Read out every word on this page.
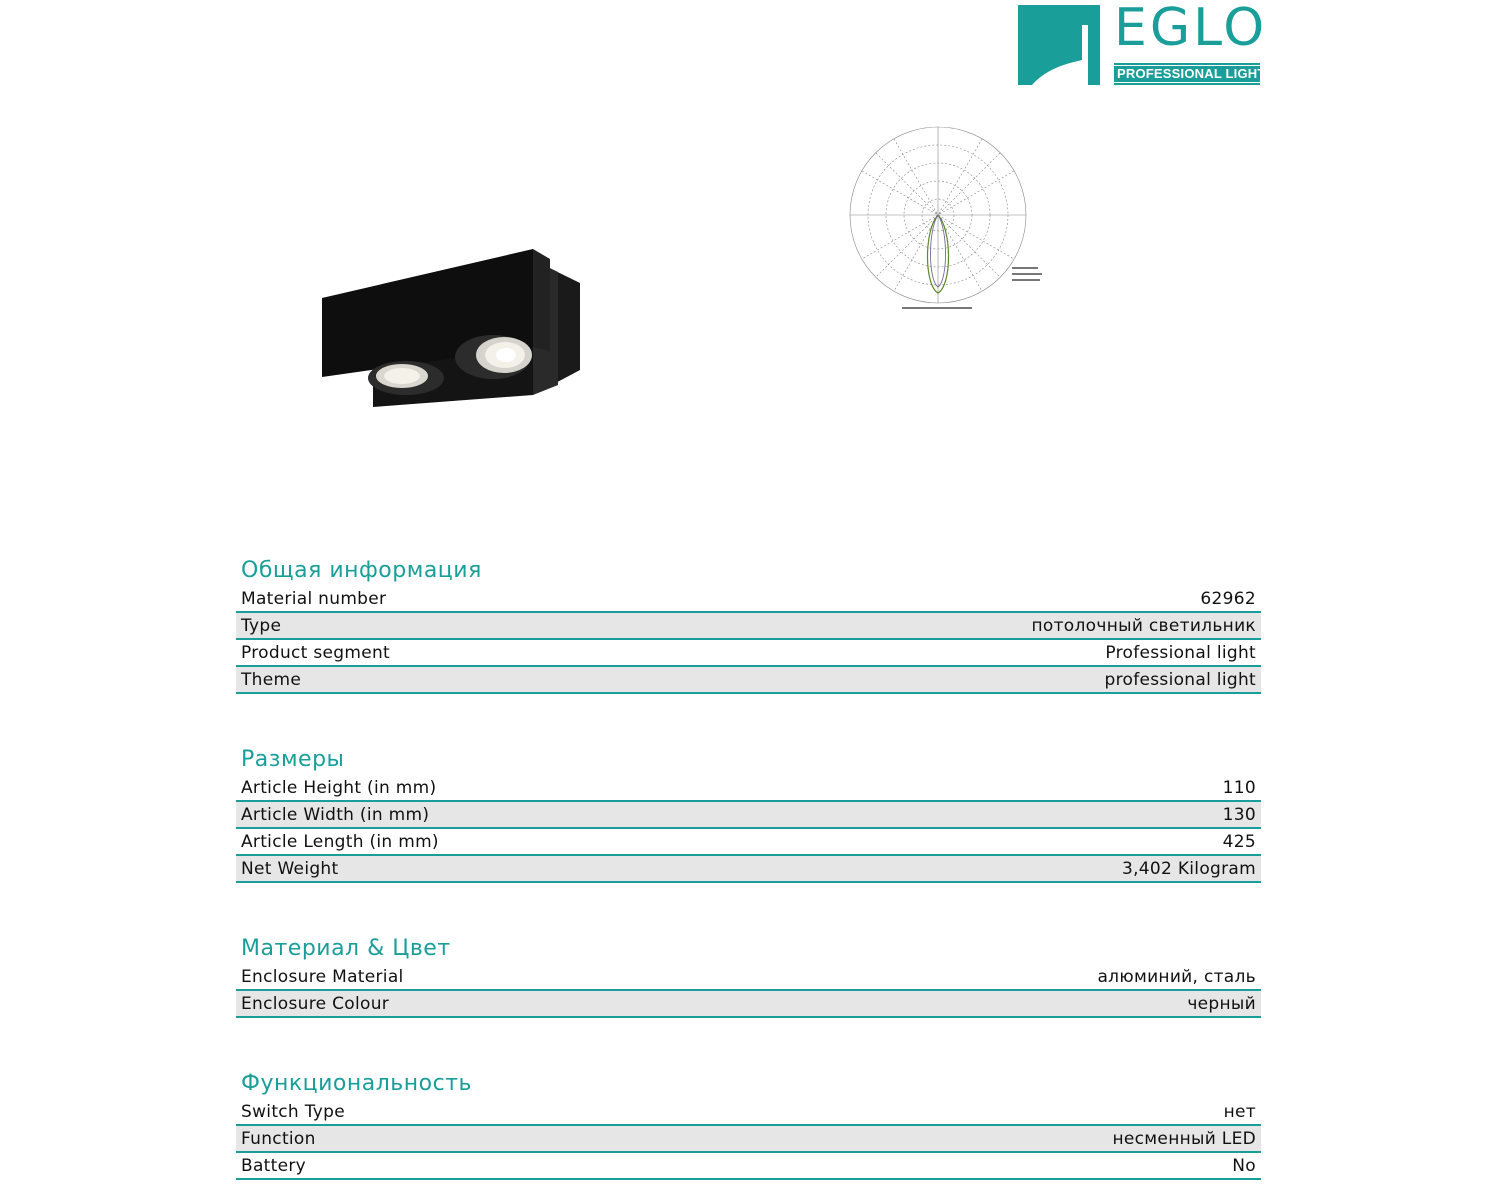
EGLO
PROFESSIONAL LIGHT
Общая информация
Material number	62962
Type	потолочный светильник
Product segment	Professional light
Theme	professional light
Размеры
Article Height (in mm)	110
Article Width (in mm)	130
Article Length (in mm)	425
Net Weight	3,402 Kilogram
Материал & Цвет
Enclosure Material	алюминий, сталь
Enclosure Colour	черный
Функциональность
Switch Type	нет
Function	несменный LED
Battery	No
